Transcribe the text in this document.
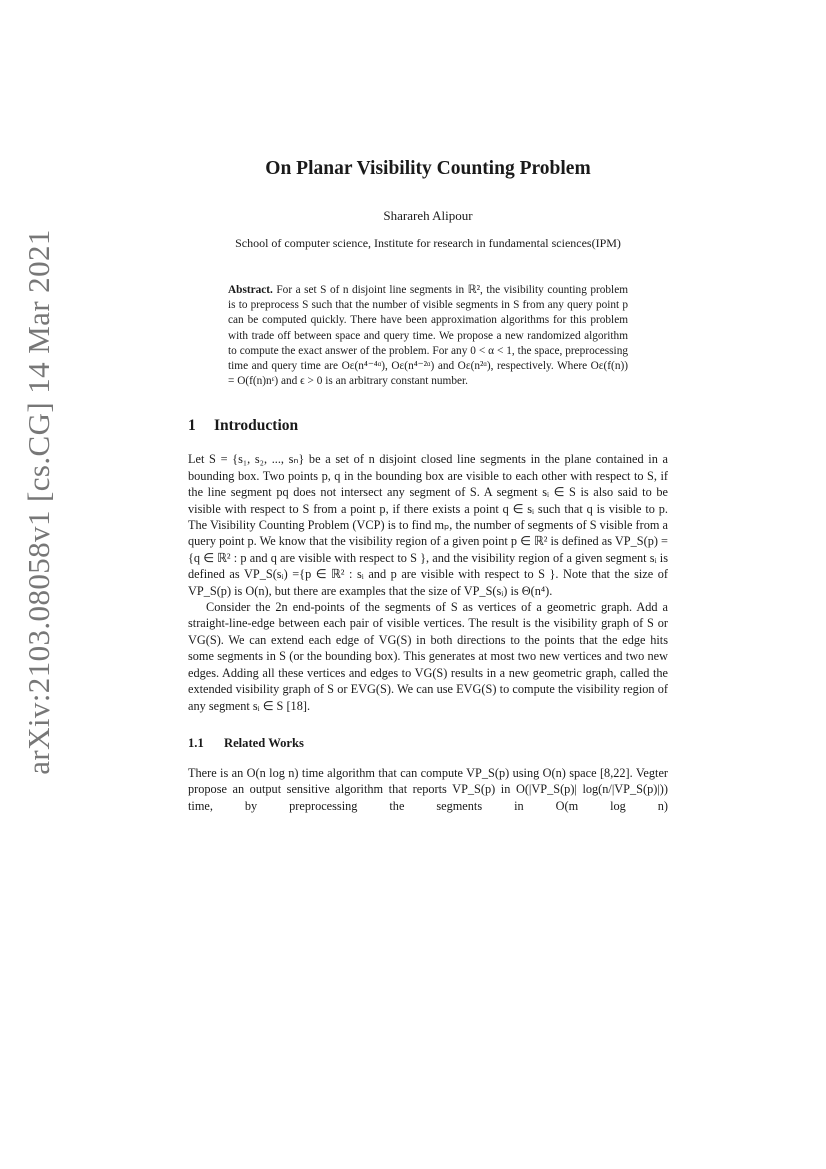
arXiv:2103.08058v1 [cs.CG] 14 Mar 2021
On Planar Visibility Counting Problem
Sharareh Alipour
School of computer science, Institute for research in fundamental sciences(IPM)
Abstract. For a set S of n disjoint line segments in ℝ², the visibility counting problem is to preprocess S such that the number of visible segments in S from any query point p can be computed quickly. There have been approximation algorithms for this problem with trade off between space and query time. We propose a new randomized algorithm to compute the exact answer of the problem. For any 0 < α < 1, the space, preprocessing time and query time are Oε(n⁴⁻⁴ᵅ), Oε(n⁴⁻²ᵅ) and Oε(n²ᵅ), respectively. Where Oε(f(n)) = O(f(n)nᵋ) and ϵ > 0 is an arbitrary constant number.
1 Introduction

Let S = {s₁, s₂, ..., sₙ} be a set of n disjoint closed line segments in the plane contained in a bounding box. Two points p, q in the bounding box are visible to each other with respect to S, if the line segment pq does not intersect any segment of S. A segment sᵢ ∈ S is also said to be visible with respect to S from a point p, if there exists a point q ∈ sᵢ such that q is visible to p. The Visibility Counting Problem (VCP) is to find mₚ, the number of segments of S visible from a query point p. We know that the visibility region of a given point p ∈ ℝ² is defined as VP_S(p) = {q ∈ ℝ² : p and q are visible with respect to S }, and the visibility region of a given segment sᵢ is defined as VP_S(sᵢ) ={p ∈ ℝ² : sᵢ and p are visible with respect to S }. Note that the size of VP_S(p) is O(n), but there are examples that the size of VP_S(sᵢ) is Θ(n⁴).

Consider the 2n end-points of the segments of S as vertices of a geometric graph. Add a straight-line-edge between each pair of visible vertices. The result is the visibility graph of S or VG(S). We can extend each edge of VG(S) in both directions to the points that the edge hits some segments in S (or the bounding box). This generates at most two new vertices and two new edges. Adding all these vertices and edges to VG(S) results in a new geometric graph, called the extended visibility graph of S or EVG(S). We can use EVG(S) to compute the visibility region of any segment sᵢ ∈ S [18].

1.1 Related Works

There is an O(n log n) time algorithm that can compute VP_S(p) using O(n) space [8,22]. Vegter propose an output sensitive algorithm that reports VP_S(p) in O(|VP_S(p)| log(n/|VP_S(p)|)) time, by preprocessing the segments in O(m log n)
